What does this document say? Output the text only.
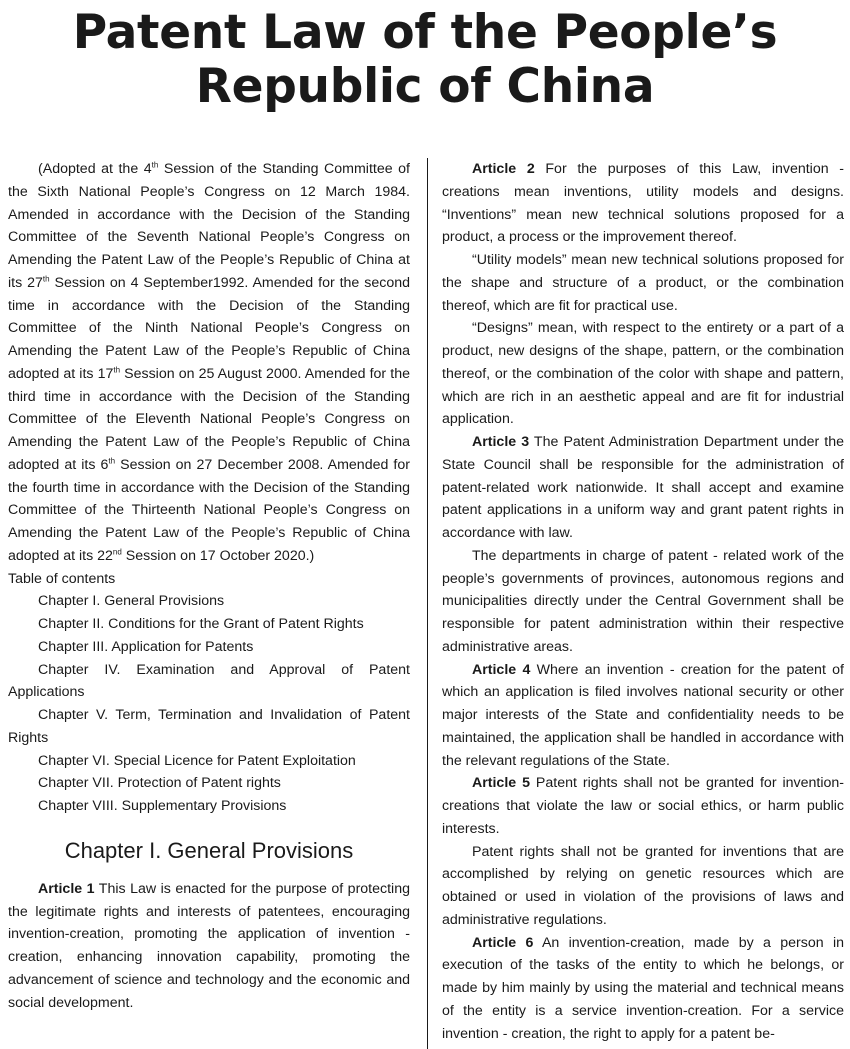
Patent Law of the People’s
Republic of China

(Adopted at the 4th Session of the Standing Committee of the Sixth National People’s Congress on 12 March 1984. Amended in accordance with the Decision of the Standing Committee of the Seventh National People’s Congress on Amending the Patent Law of the People’s Republic of China at its 27th Session on 4 September1992. Amended for the second time in accordance with the Decision of the Standing Committee of the Ninth National People’s Congress on Amending the Patent Law of the People’s Republic of China adopted at its 17th Session on 25 August 2000. Amended for the third time in accordance with the Decision of the Standing Committee of the Eleventh National People’s Congress on Amending the Patent Law of the People’s Republic of China adopted at its 6th Session on 27 December 2008. Amended for the fourth time in accordance with the Decision of the Standing Committee of the Thirteenth National People’s Congress on Amending the Patent Law of the People’s Republic of China adopted at its 22nd Session on 17 October 2020.)

Table of contents

Chapter I. General Provisions
Chapter II. Conditions for the Grant of Patent Rights
Chapter III. Application for Patents
Chapter IV. Examination and Approval of Patent Applications
Chapter V. Term, Termination and Invalidation of Patent Rights
Chapter VI. Special Licence for Patent Exploitation
Chapter VII. Protection of Patent rights
Chapter VIII. Supplementary Provisions
Chapter I. General Provisions

Article 1 This Law is enacted for the purpose of protecting the legitimate rights and interests of patentees, encouraging invention-creation, promoting the application of invention - creation, enhancing innovation capability, promoting the advancement of science and technology and the economic and social development.

Article 2 For the purposes of this Law, invention - creations mean inventions, utility models and designs. “Inventions” mean new technical solutions proposed for a product, a process or the improvement thereof.

“Utility models” mean new technical solutions proposed for the shape and structure of a product, or the combination thereof, which are fit for practical use.

“Designs” mean, with respect to the entirety or a part of a product, new designs of the shape, pattern, or the combination thereof, or the combination of the color with shape and pattern, which are rich in an aesthetic appeal and are fit for industrial application.

Article 3 The Patent Administration Department under the State Council shall be responsible for the administration of patent-related work nationwide. It shall accept and examine patent applications in a uniform way and grant patent rights in accordance with law.

The departments in charge of patent - related work of the people’s governments of provinces, autonomous regions and municipalities directly under the Central Government shall be responsible for patent administration within their respective administrative areas.

Article 4 Where an invention - creation for the patent of which an application is filed involves national security or other major interests of the State and confidentiality needs to be maintained, the application shall be handled in accordance with the relevant regulations of the State.

Article 5 Patent rights shall not be granted for invention-creations that violate the law or social ethics, or harm public interests.

Patent rights shall not be granted for inventions that are accomplished by relying on genetic resources which are obtained or used in violation of the provisions of laws and administrative regulations.

Article 6 An invention-creation, made by a person in execution of the tasks of the entity to which he belongs, or made by him mainly by using the material and technical means of the entity is a service invention-creation. For a service invention - creation, the right to apply for a patent be-
